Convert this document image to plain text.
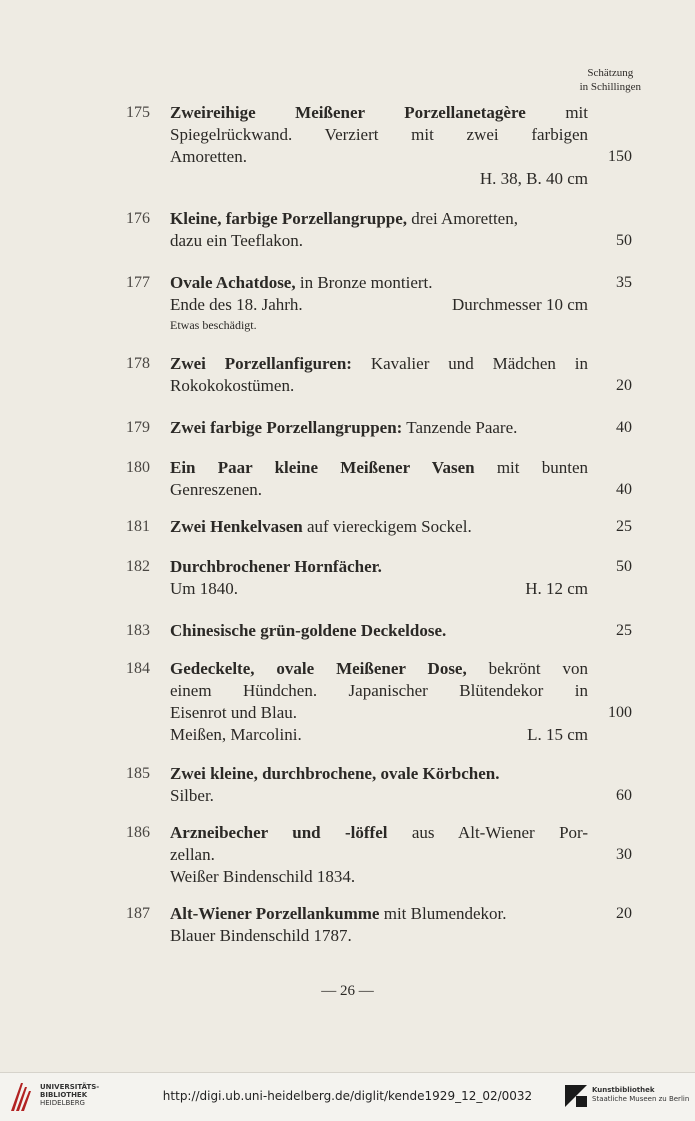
Schätzung
in Schillingen
175 Zweireihige Meißener Porzellanetagère mit
Spiegelrückwand. Verziert mit zwei farbigen
Amoretten.	150
H. 38, B. 40 cm
176 Kleine, farbige Porzellangruppe, drei Amoretten,
dazu ein Teeflakon.	50
177 Ovale Achatdose, in Bronze montiert.	35
Ende des 18. Jahrh.	Durchmesser 10 cm
Etwas beschädigt.
178 Zwei Porzellanfiguren: Kavalier und Mädchen in
Rokokokostümen.	20
179 Zwei farbige Porzellangruppen: Tanzende Paare.	40
180 Ein Paar kleine Meißener Vasen mit bunten
Genreszenen.	40
181 Zwei Henkelvasen auf viereckigem Sockel.	25
182 Durchbrochener Hornfächer.	50
Um 1840.	H. 12 cm
183 Chinesische grün-goldene Deckeldose.	25
184 Gedeckelte, ovale Meißener Dose, bekrönt von
einem Hündchen. Japanischer Blütendekor in
Eisenrot und Blau.	100
Meißen, Marcolini.	L. 15 cm
185 Zwei kleine, durchbrochene, ovale Körbchen.
Silber.	60
186 Arzneibecher und -löffel aus Alt-Wiener Por-
zellan.	30
Weißer Bindenschild 1834.
187 Alt-Wiener Porzellankumme mit Blumendekor.	20
Blauer Bindenschild 1787.
— 26 —
UNIVERSITÄTS-
BIBLIOTHEK
HEIDELBERG	http://digi.ub.uni-heidelberg.de/diglit/kende1929_12_02/0032	Kunstbibliothek
Staatliche Museen zu Berlin
